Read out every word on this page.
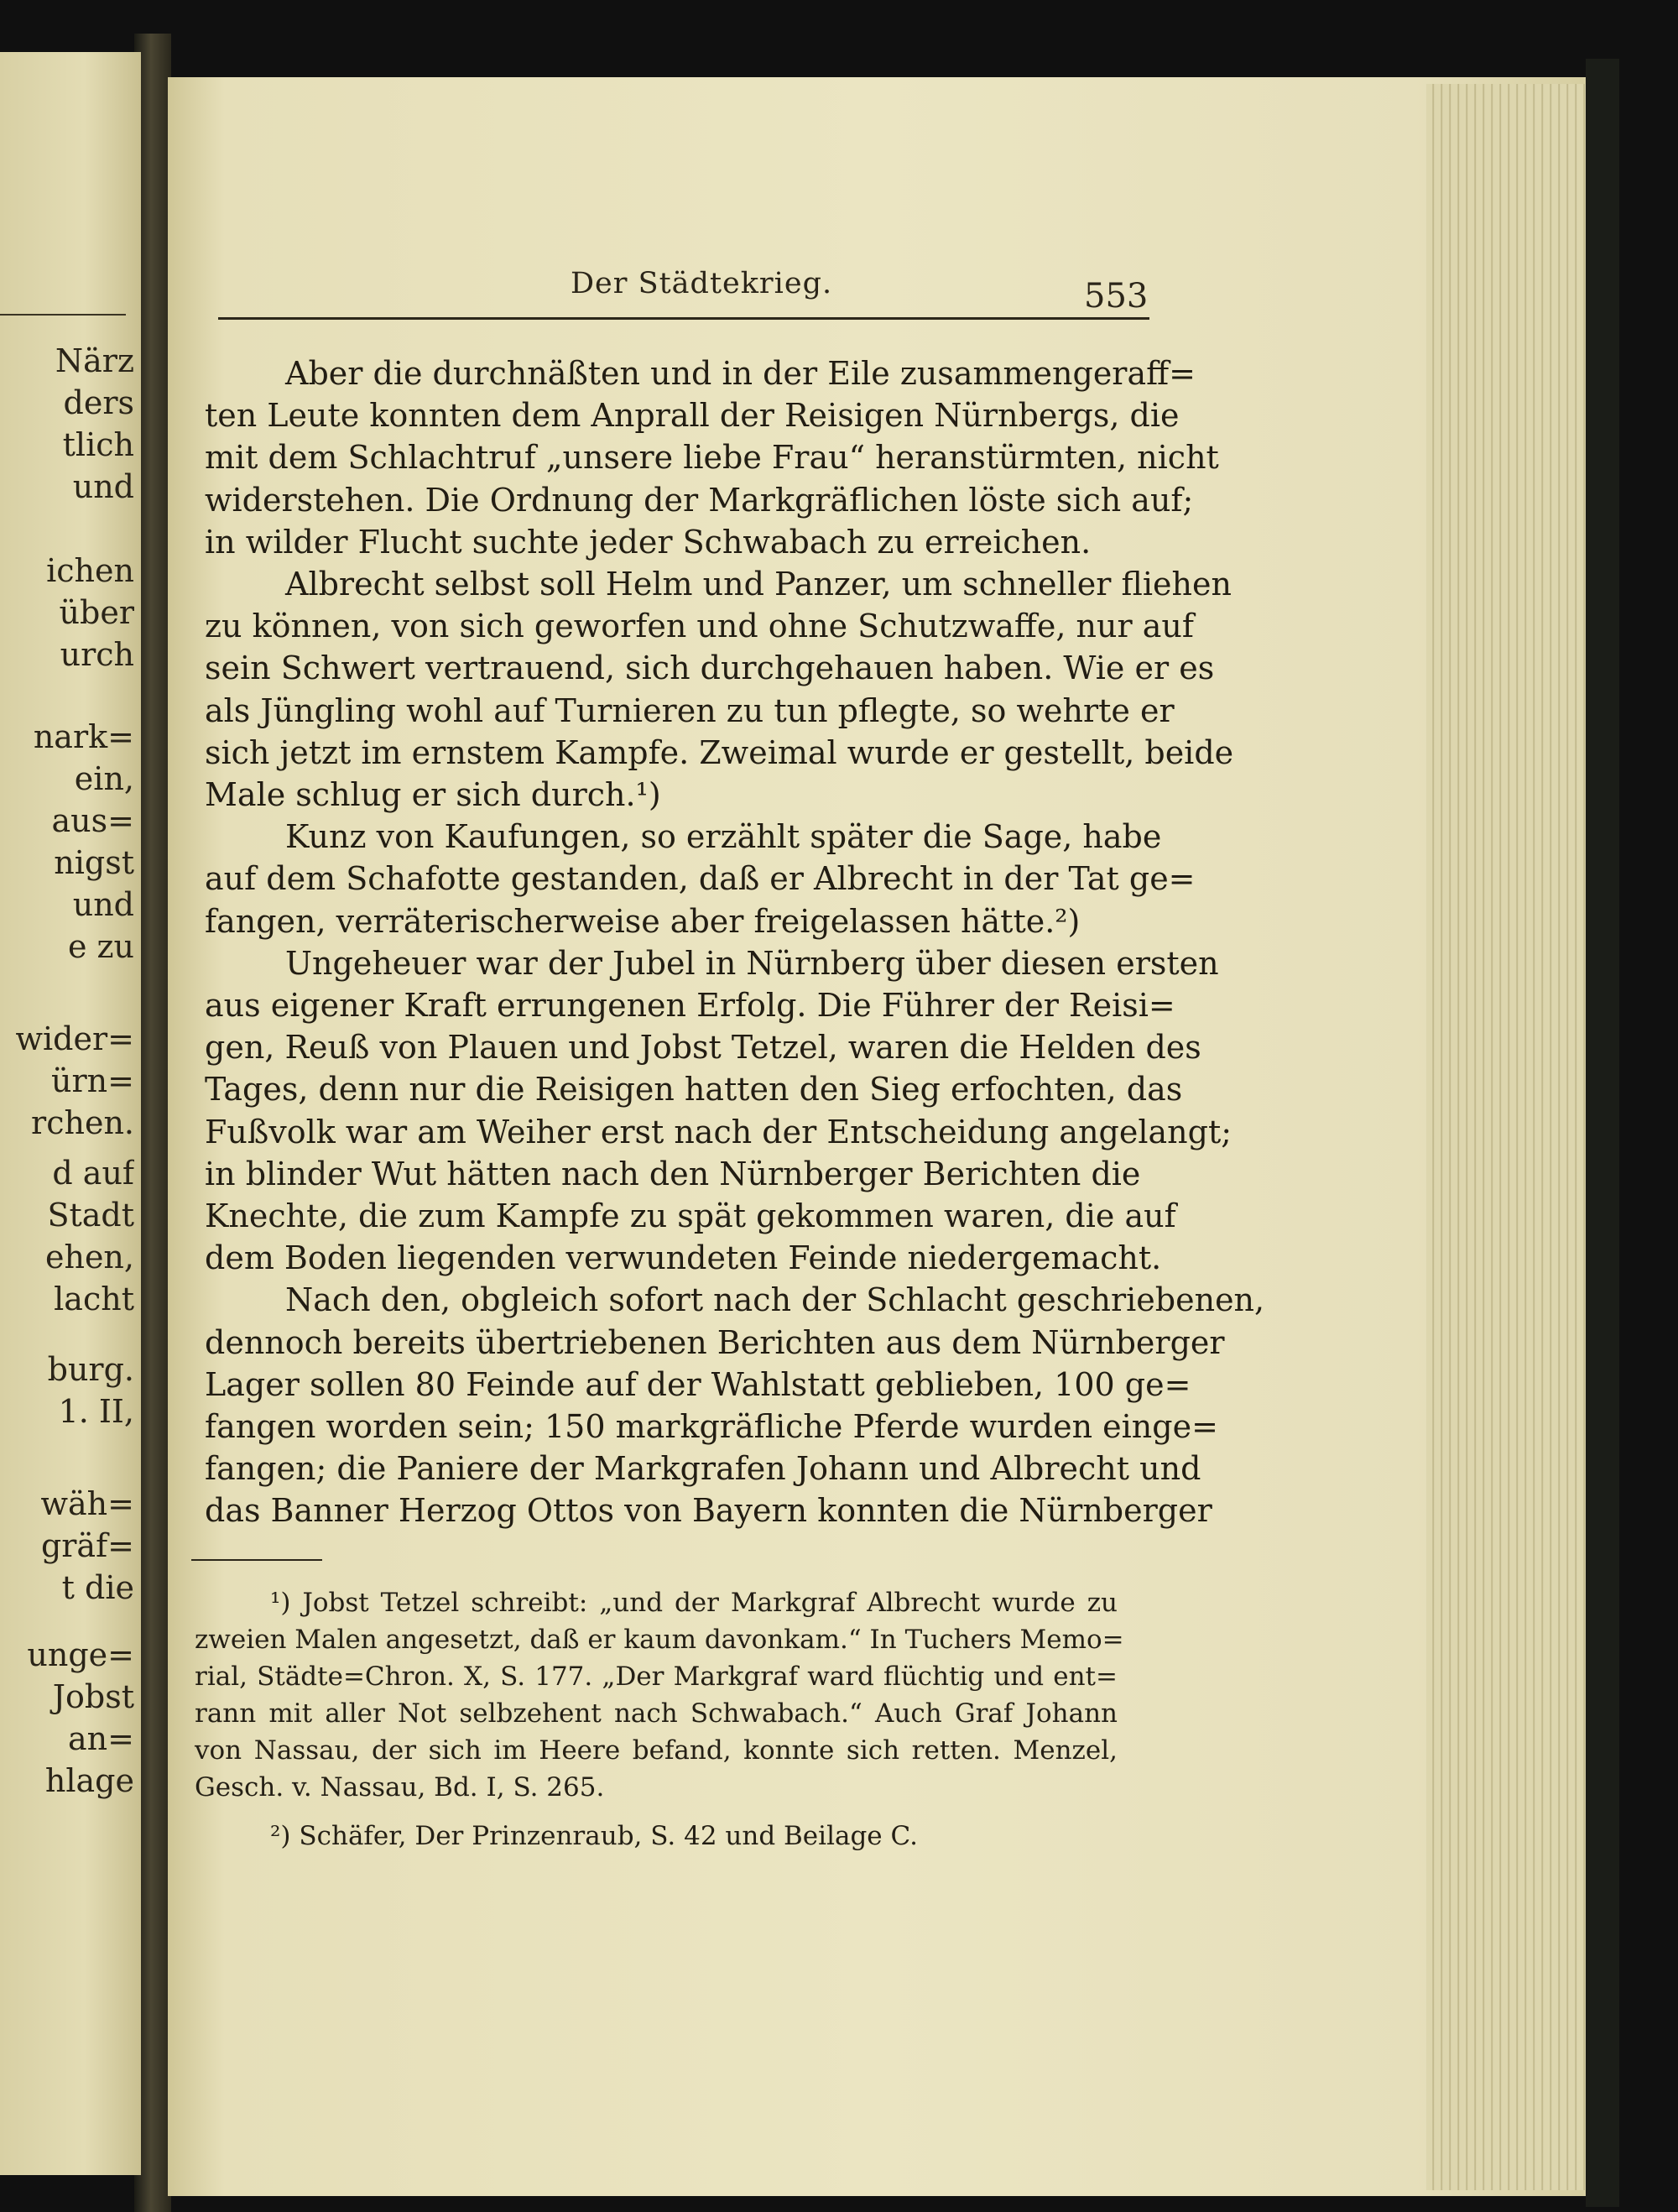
Närz
ders
tlich
und
ichen
über
urch
nark=
ein,
aus=
nigst
und
e zu
wider=
ürn=
rchen.
d auf
Stadt
ehen,
lacht
burg.
1. II,
wäh=
gräf=
t die
unge=
Jobst
an=
hlage
Der Städtekrieg.	553
Aber die durchnäßten und in der Eile zusammengeraff=
ten Leute konnten dem Anprall der Reisigen Nürnbergs, die
mit dem Schlachtruf „unsere liebe Frau“ heranstürmten, nicht
widerstehen. Die Ordnung der Markgräflichen löste sich auf;
in wilder Flucht suchte jeder Schwabach zu erreichen.
Albrecht selbst soll Helm und Panzer, um schneller fliehen
zu können, von sich geworfen und ohne Schutzwaffe, nur auf
sein Schwert vertrauend, sich durchgehauen haben. Wie er es
als Jüngling wohl auf Turnieren zu tun pflegte, so wehrte er
sich jetzt im ernstem Kampfe. Zweimal wurde er gestellt, beide
Male schlug er sich durch.¹)
Kunz von Kaufungen, so erzählt später die Sage, habe
auf dem Schafotte gestanden, daß er Albrecht in der Tat ge=
fangen, verräterischerweise aber freigelassen hätte.²)
Ungeheuer war der Jubel in Nürnberg über diesen ersten
aus eigener Kraft errungenen Erfolg. Die Führer der Reisi=
gen, Reuß von Plauen und Jobst Tetzel, waren die Helden des
Tages, denn nur die Reisigen hatten den Sieg erfochten, das
Fußvolk war am Weiher erst nach der Entscheidung angelangt;
in blinder Wut hätten nach den Nürnberger Berichten die
Knechte, die zum Kampfe zu spät gekommen waren, die auf
dem Boden liegenden verwundeten Feinde niedergemacht.
Nach den, obgleich sofort nach der Schlacht geschriebenen,
dennoch bereits übertriebenen Berichten aus dem Nürnberger
Lager sollen 80 Feinde auf der Wahlstatt geblieben, 100 ge=
fangen worden sein; 150 markgräfliche Pferde wurden einge=
fangen; die Paniere der Markgrafen Johann und Albrecht und
das Banner Herzog Ottos von Bayern konnten die Nürnberger
¹) Jobst Tetzel schreibt: „und der Markgraf Albrecht wurde zu
zweien Malen angesetzt, daß er kaum davonkam.“ In Tuchers Memo=
rial, Städte=Chron. X, S. 177. „Der Markgraf ward flüchtig und ent=
rann mit aller Not selbzehent nach Schwabach.“ Auch Graf Johann
von Nassau, der sich im Heere befand, konnte sich retten. Menzel,
Gesch. v. Nassau, Bd. I, S. 265.
²) Schäfer, Der Prinzenraub, S. 42 und Beilage C.
